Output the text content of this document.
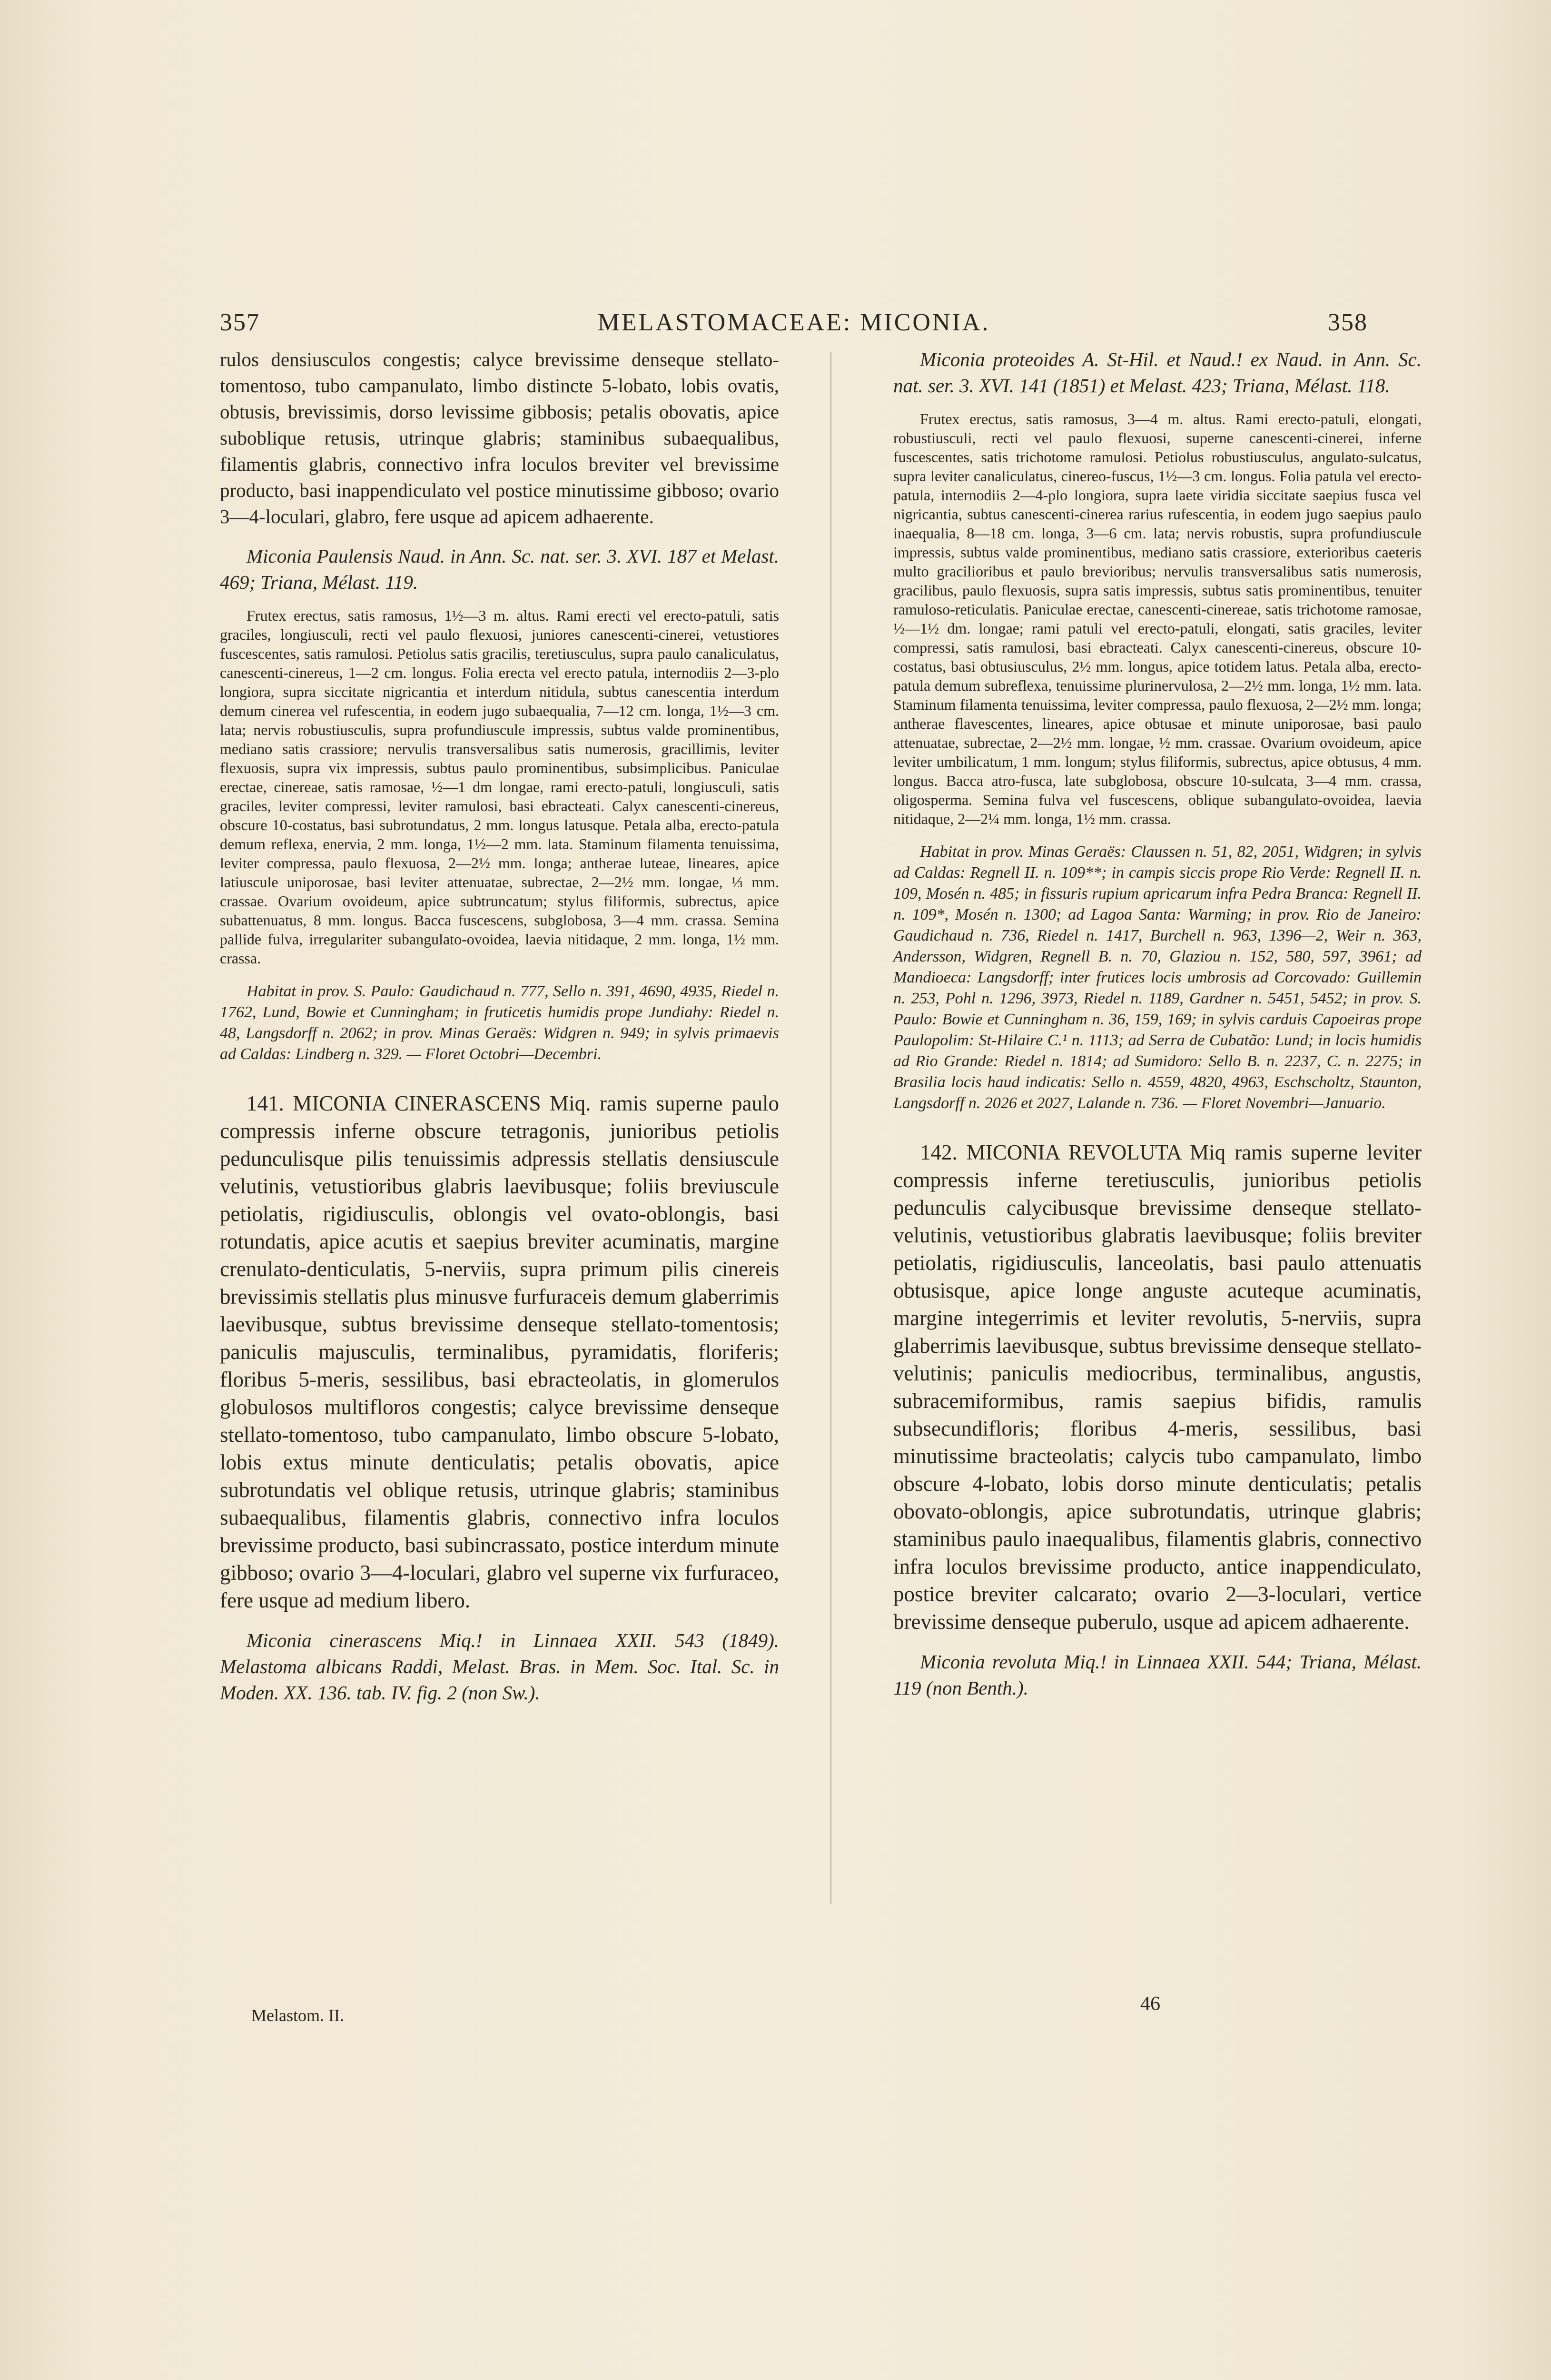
357	MELASTOMACEAE: MICONIA.	358

rulos densiusculos congestis; calyce brevissime denseque stellato-tomentoso, tubo campanulato, limbo distincte 5-lobato, lobis ovatis, obtusis, brevissimis, dorso levissime gibbosis; petalis obovatis, apice suboblique retusis, utrinque glabris; staminibus subaequalibus, filamentis glabris, connectivo infra loculos breviter vel brevissime producto, basi inappendiculato vel postice minutissime gibboso; ovario 3—4-loculari, glabro, fere usque ad apicem adhaerente.

Miconia Paulensis Naud. in Ann. Sc. nat. ser. 3. XVI. 187 et Melast. 469; Triana, Mélast. 119.

Frutex erectus, satis ramosus, 1½—3 m. altus. Rami erecti vel erecto-patuli, satis graciles, longiusculi, recti vel paulo flexuosi, juniores canescenti-cinerei, vetustiores fuscescentes, satis ramulosi. Petiolus satis gracilis, teretiusculus, supra paulo canaliculatus, canescenti-cinereus, 1—2 cm. longus. Folia erecta vel erecto patula, internodiis 2—3-plo longiora, supra siccitate nigricantia et interdum nitidula, subtus canescentia interdum demum cinerea vel rufescentia, in eodem jugo subaequalia, 7—12 cm. longa, 1½—3 cm. lata; nervis robustiusculis, supra profundiuscule impressis, subtus valde prominentibus, mediano satis crassiore; nervulis transversalibus satis numerosis, gracillimis, leviter flexuosis, supra vix impressis, subtus paulo prominentibus, subsimplicibus. Paniculae erectae, cinereae, satis ramosae, ½—1 dm longae, rami erecto-patuli, longiusculi, satis graciles, leviter compressi, leviter ramulosi, basi ebracteati. Calyx canescenti-cinereus, obscure 10-costatus, basi subrotundatus, 2 mm. longus latusque. Petala alba, erecto-patula demum reflexa, enervia, 2 mm. longa, 1½—2 mm. lata. Staminum filamenta tenuissima, leviter compressa, paulo flexuosa, 2—2½ mm. longa; antherae luteae, lineares, apice latiuscule uniporosae, basi leviter attenuatae, subrectae, 2—2½ mm. longae, ⅓ mm. crassae. Ovarium ovoideum, apice subtruncatum; stylus filiformis, subrectus, apice subattenuatus, 8 mm. longus. Bacca fuscescens, subglobosa, 3—4 mm. crassa. Semina pallide fulva, irregulariter subangulato-ovoidea, laevia nitidaque, 2 mm. longa, 1½ mm. crassa.

Habitat in prov. S. Paulo: Gaudichaud n. 777, Sello n. 391, 4690, 4935, Riedel n. 1762, Lund, Bowie et Cunningham; in fruticetis humidis prope Jundiahy: Riedel n. 48, Langsdorff n. 2062; in prov. Minas Geraës: Widgren n. 949; in sylvis primaevis ad Caldas: Lindberg n. 329. — Floret Octobri—Decembri.

141. MICONIA CINERASCENS Miq. ramis superne paulo compressis inferne obscure tetragonis, junioribus petiolis pedunculisque pilis tenuissimis adpressis stellatis densiuscule velutinis, vetustioribus glabris laevibusque; foliis breviuscule petiolatis, rigidiusculis, oblongis vel ovato-oblongis, basi rotundatis, apice acutis et saepius breviter acuminatis, margine crenulato-denticulatis, 5-nerviis, supra primum pilis cinereis brevissimis stellatis plus minusve furfuraceis demum glaberrimis laevibusque, subtus brevissime denseque stellato-tomentosis; paniculis majusculis, terminalibus, pyramidatis, floriferis; floribus 5-meris, sessilibus, basi ebracteolatis, in glomerulos globulosos multifloros congestis; calyce brevissime denseque stellato-tomentoso, tubo campanulato, limbo obscure 5-lobato, lobis extus minute denticulatis; petalis obovatis, apice subrotundatis vel oblique retusis, utrinque glabris; staminibus subaequalibus, filamentis glabris, connectivo infra loculos brevissime producto, basi subincrassato, postice interdum minute gibboso; ovario 3—4-loculari, glabro vel superne vix furfuraceo, fere usque ad medium libero.

Miconia cinerascens Miq.! in Linnaea XXII. 543 (1849). Melastoma albicans Raddi, Melast. Bras. in Mem. Soc. Ital. Sc. in Moden. XX. 136. tab. IV. fig. 2 (non Sw.).

Miconia proteoides A. St-Hil. et Naud.! ex Naud. in Ann. Sc. nat. ser. 3. XVI. 141 (1851) et Melast. 423; Triana, Mélast. 118.

Frutex erectus, satis ramosus, 3—4 m. altus. Rami erecto-patuli, elongati, robustiusculi, recti vel paulo flexuosi, superne canescenti-cinerei, inferne fuscescentes, satis trichotome ramulosi. Petiolus robustiusculus, angulato-sulcatus, supra leviter canaliculatus, cinereo-fuscus, 1½—3 cm. longus. Folia patula vel erecto-patula, internodiis 2—4-plo longiora, supra laete viridia siccitate saepius fusca vel nigricantia, subtus canescenti-cinerea rarius rufescentia, in eodem jugo saepius paulo inaequalia, 8—18 cm. longa, 3—6 cm. lata; nervis robustis, supra profundiuscule impressis, subtus valde prominentibus, mediano satis crassiore, exterioribus caeteris multo gracilioribus et paulo brevioribus; nervulis transversalibus satis numerosis, gracilibus, paulo flexuosis, supra satis impressis, subtus satis prominentibus, tenuiter ramuloso-reticulatis. Paniculae erectae, canescenti-cinereae, satis trichotome ramosae, ½—1½ dm. longae; rami patuli vel erecto-patuli, elongati, satis graciles, leviter compressi, satis ramulosi, basi ebracteati. Calyx canescenti-cinereus, obscure 10-costatus, basi obtusiusculus, 2½ mm. longus, apice totidem latus. Petala alba, erecto-patula demum subreflexa, tenuissime plurinervulosa, 2—2½ mm. longa, 1½ mm. lata. Staminum filamenta tenuissima, leviter compressa, paulo flexuosa, 2—2½ mm. longa; antherae flavescentes, lineares, apice obtusae et minute uniporosae, basi paulo attenuatae, subrectae, 2—2½ mm. longae, ½ mm. crassae. Ovarium ovoideum, apice leviter umbilicatum, 1 mm. longum; stylus filiformis, subrectus, apice obtusus, 4 mm. longus. Bacca atro-fusca, late subglobosa, obscure 10-sulcata, 3—4 mm. crassa, oligosperma. Semina fulva vel fuscescens, oblique subangulato-ovoidea, laevia nitidaque, 2—2¼ mm. longa, 1½ mm. crassa.

Habitat in prov. Minas Geraës: Claussen n. 51, 82, 2051, Widgren; in sylvis ad Caldas: Regnell II. n. 109**; in campis siccis prope Rio Verde: Regnell II. n. 109, Mosén n. 485; in fissuris rupium apricarum infra Pedra Branca: Regnell II. n. 109*, Mosén n. 1300; ad Lagoa Santa: Warming; in prov. Rio de Janeiro: Gaudichaud n. 736, Riedel n. 1417, Burchell n. 963, 1396—2, Weir n. 363, Andersson, Widgren, Regnell B. n. 70, Glaziou n. 152, 580, 597, 3961; ad Mandioeca: Langsdorff; inter frutices locis umbrosis ad Corcovado: Guillemin n. 253, Pohl n. 1296, 3973, Riedel n. 1189, Gardner n. 5451, 5452; in prov. S. Paulo: Bowie et Cunningham n. 36, 159, 169; in sylvis carduis Capoeiras prope Paulopolim: St-Hilaire C.¹ n. 1113; ad Serra de Cubatão: Lund; in locis humidis ad Rio Grande: Riedel n. 1814; ad Sumidoro: Sello B. n. 2237, C. n. 2275; in Brasilia locis haud indicatis: Sello n. 4559, 4820, 4963, Eschscholtz, Staunton, Langsdorff n. 2026 et 2027, Lalande n. 736. — Floret Novembri—Januario.

142. MICONIA REVOLUTA Miq ramis superne leviter compressis inferne teretiusculis, junioribus petiolis pedunculis calycibusque brevissime denseque stellato-velutinis, vetustioribus glabratis laevibusque; foliis breviter petiolatis, rigidiusculis, lanceolatis, basi paulo attenuatis obtusisque, apice longe anguste acuteque acuminatis, margine integerrimis et leviter revolutis, 5-nerviis, supra glaberrimis laevibusque, subtus brevissime denseque stellato-velutinis; paniculis mediocribus, terminalibus, angustis, subracemiformibus, ramis saepius bifidis, ramulis subsecundifloris; floribus 4-meris, sessilibus, basi minutissime bracteolatis; calycis tubo campanulato, limbo obscure 4-lobato, lobis dorso minute denticulatis; petalis obovato-oblongis, apice subrotundatis, utrinque glabris; staminibus paulo inaequalibus, filamentis glabris, connectivo infra loculos brevissime producto, antice inappendiculato, postice breviter calcarato; ovario 2—3-loculari, vertice brevissime denseque puberulo, usque ad apicem adhaerente.

Miconia revoluta Miq.! in Linnaea XXII. 544; Triana, Mélast. 119 (non Benth.).

Melastom. II.
46
